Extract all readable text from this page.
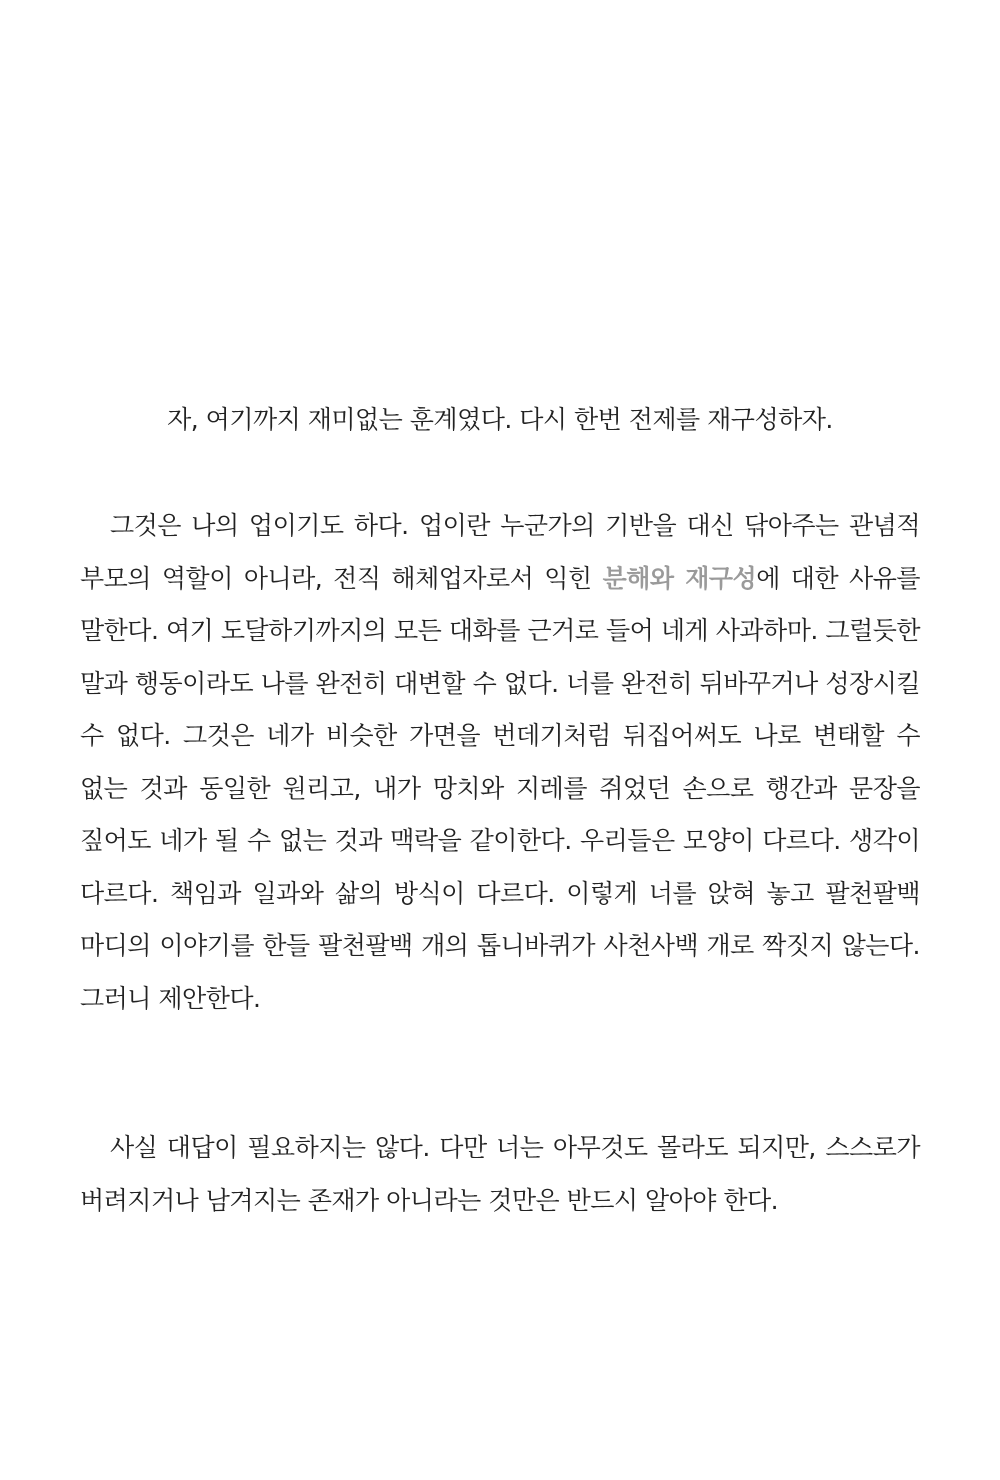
자, 여기까지 재미없는 훈계였다. 다시 한번 전제를 재구성하자.

그것은 나의 업이기도 하다. 업이란 누군가의 기반을 대신 닦아주는 관념적 부모의 역할이 아니라, 전직 해체업자로서 익힌 분해와 재구성에 대한 사유를 말한다. 여기 도달하기까지의 모든 대화를 근거로 들어 네게 사과하마. 그럴듯한 말과 행동이라도 나를 완전히 대변할 수 없다. 너를 완전히 뒤바꾸거나 성장시킬 수 없다. 그것은 네가 비슷한 가면을 번데기처럼 뒤집어써도 나로 변태할 수 없는 것과 동일한 원리고, 내가 망치와 지레를 쥐었던 손으로 행간과 문장을 짚어도 네가 될 수 없는 것과 맥락을 같이한다. 우리들은 모양이 다르다. 생각이 다르다. 책임과 일과와 삶의 방식이 다르다. 이렇게 너를 앉혀 놓고 팔천팔백 마디의 이야기를 한들 팔천팔백 개의 톱니바퀴가 사천사백 개로 짝짓지 않는다. 그러니 제안한다.

사실 대답이 필요하지는 않다. 다만 너는 아무것도 몰라도 되지만, 스스로가 버려지거나 남겨지는 존재가 아니라는 것만은 반드시 알아야 한다.
